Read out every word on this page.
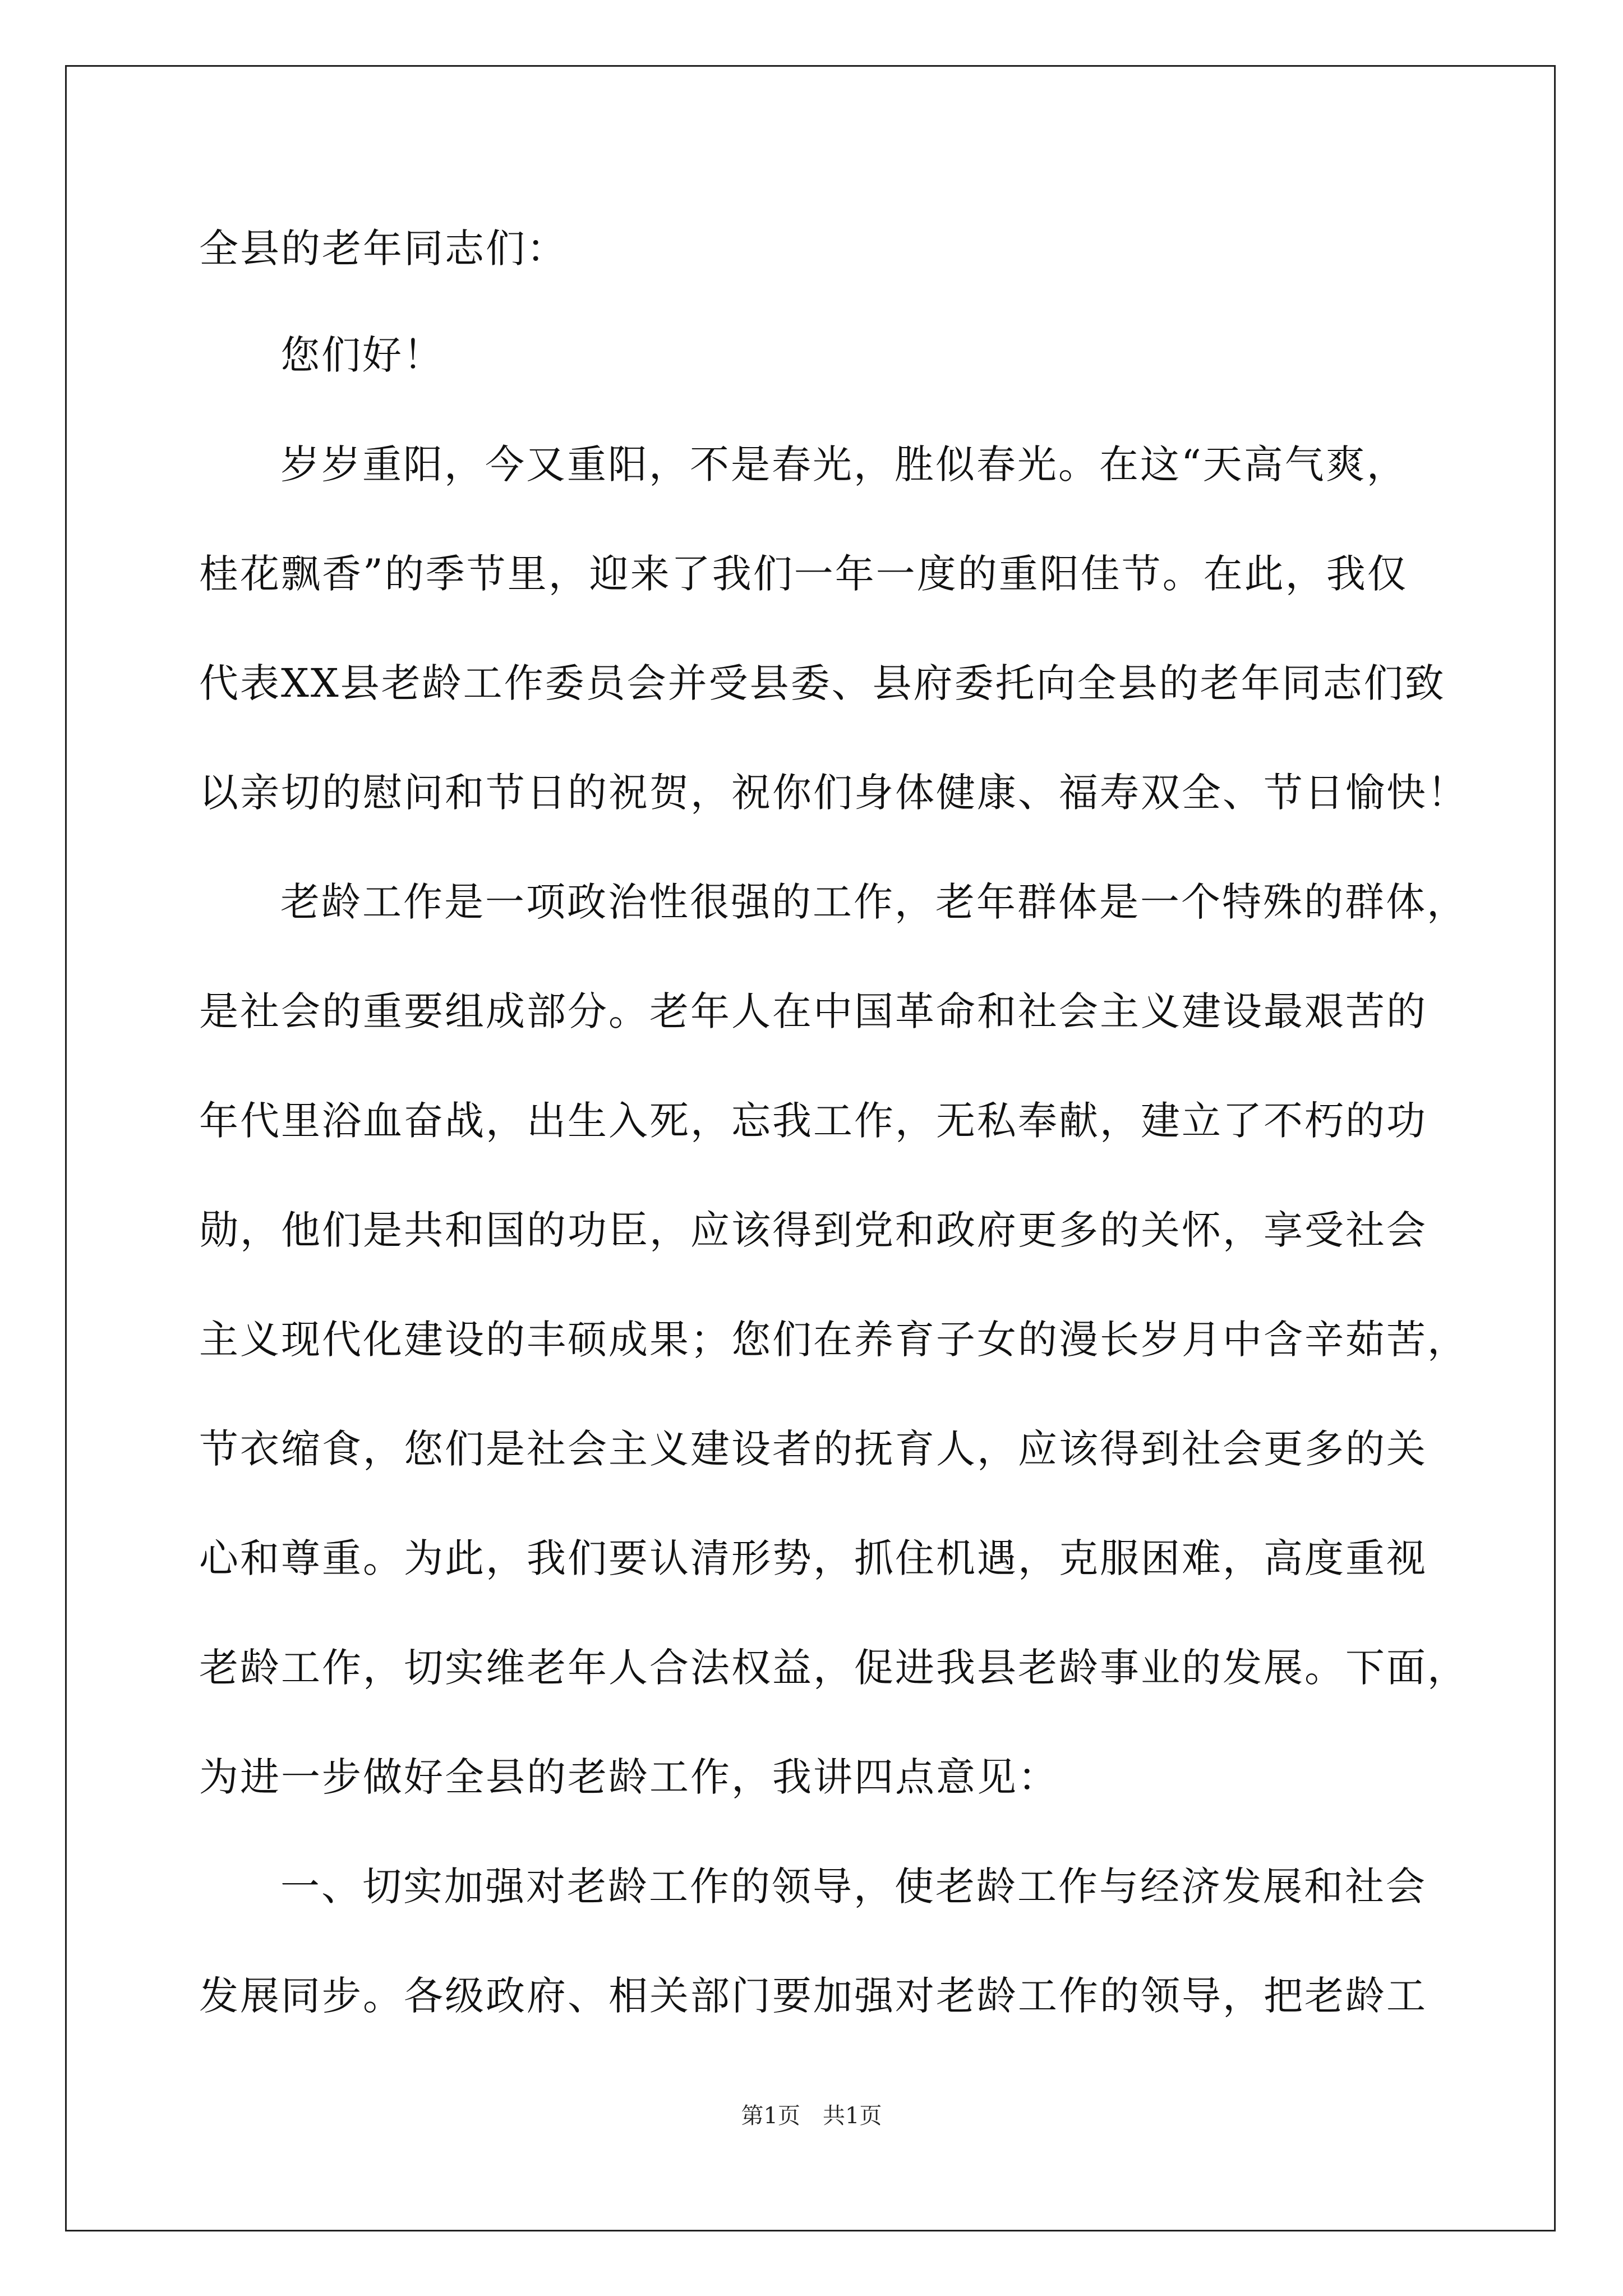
全县的老年同志们：
您们好！
岁岁重阳，今又重阳，不是春光，胜似春光。在这“天高气爽，
桂花飘香”的季节里，迎来了我们一年一度的重阳佳节。在此，我仅
代表XX县老龄工作委员会并受县委、县府委托向全县的老年同志们致
以亲切的慰问和节日的祝贺，祝你们身体健康、福寿双全、节日愉快！
老龄工作是一项政治性很强的工作，老年群体是一个特殊的群体，
是社会的重要组成部分。老年人在中国革命和社会主义建设最艰苦的
年代里浴血奋战，出生入死，忘我工作，无私奉献，建立了不朽的功
勋，他们是共和国的功臣，应该得到党和政府更多的关怀，享受社会
主义现代化建设的丰硕成果；您们在养育子女的漫长岁月中含辛茹苦，
节衣缩食，您们是社会主义建设者的抚育人，应该得到社会更多的关
心和尊重。为此，我们要认清形势，抓住机遇，克服困难，高度重视
老龄工作，切实维老年人合法权益，促进我县老龄事业的发展。下面，
为进一步做好全县的老龄工作，我讲四点意见：
一、切实加强对老龄工作的领导，使老龄工作与经济发展和社会
发展同步。各级政府、相关部门要加强对老龄工作的领导，把老龄工
第1页　共1页
